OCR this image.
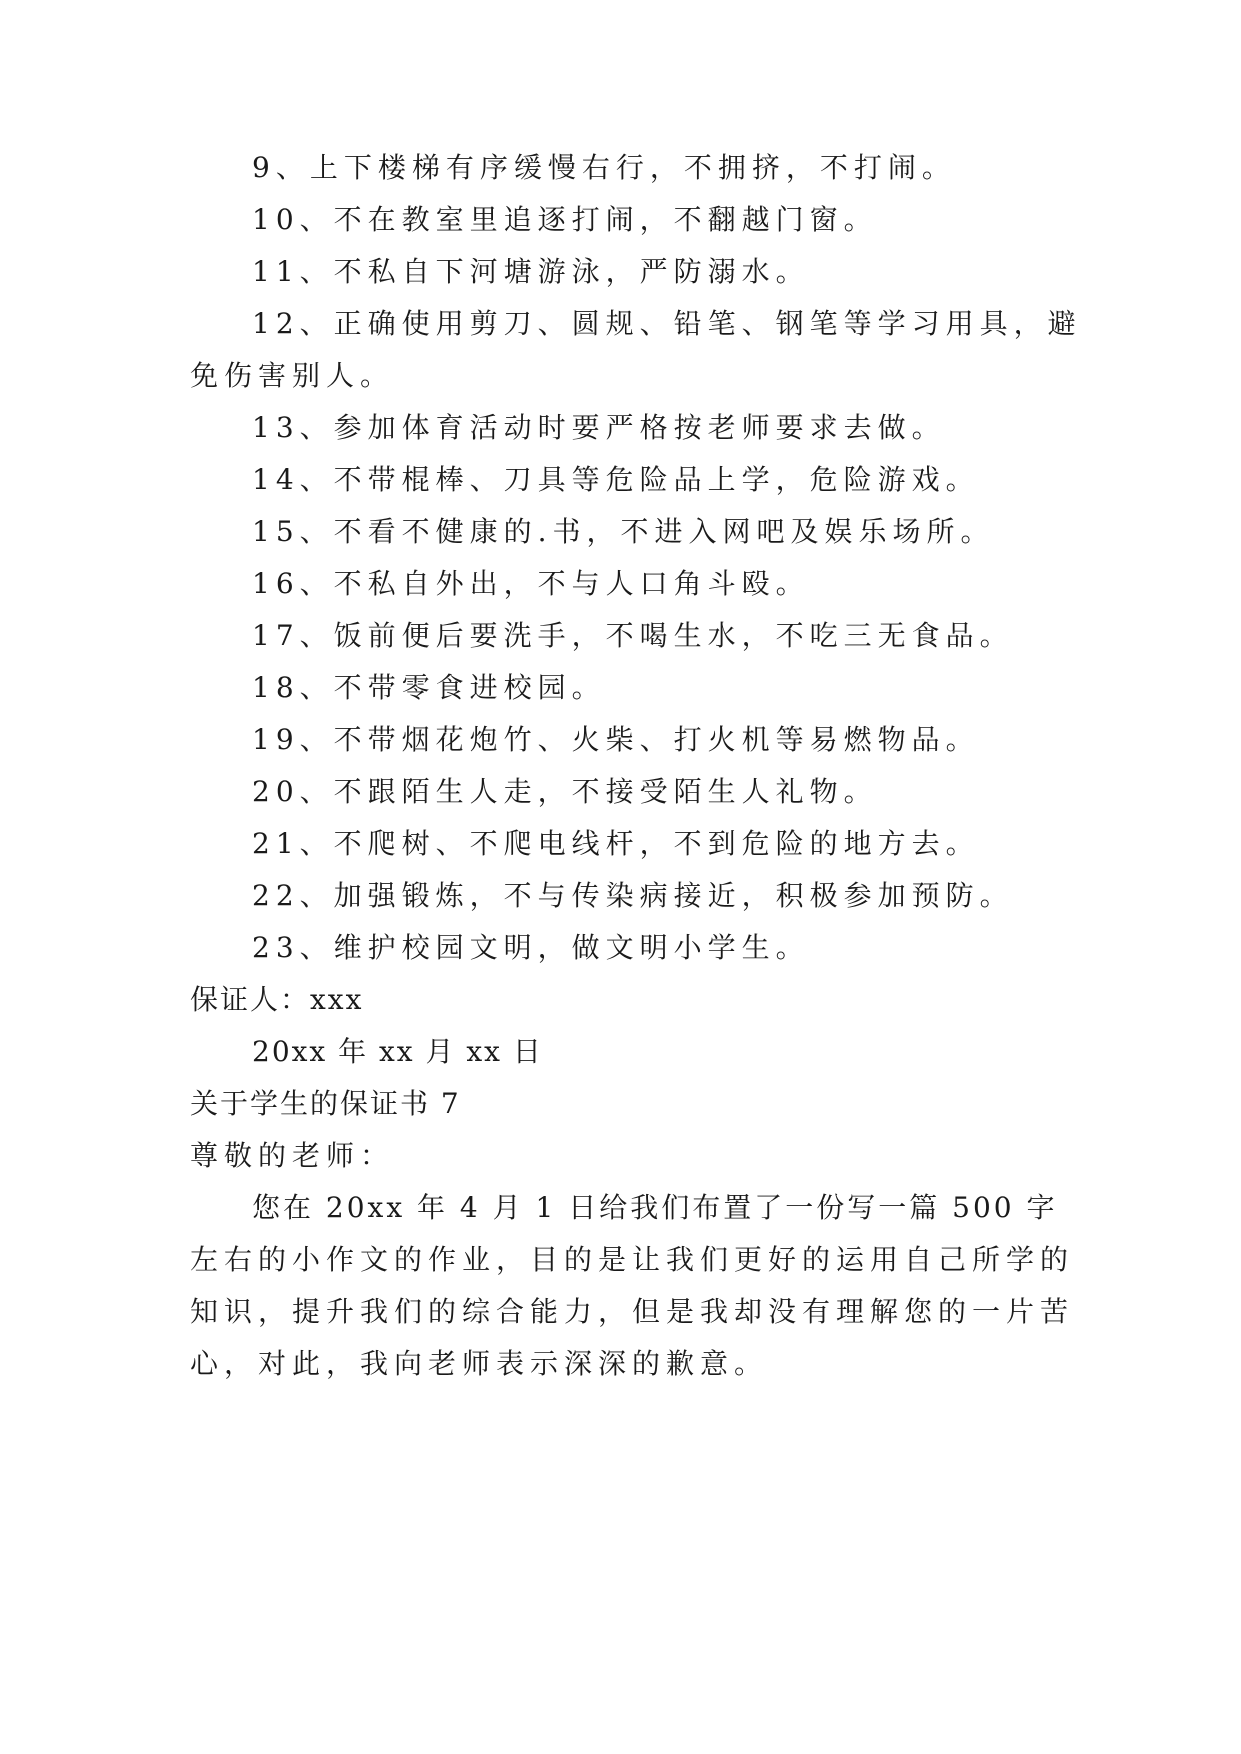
9、上下楼梯有序缓慢右行，不拥挤，不打闹。
10、不在教室里追逐打闹，不翻越门窗。
11、不私自下河塘游泳，严防溺水。
12、正确使用剪刀、圆规、铅笔、钢笔等学习用具，避
免伤害别人。
13、参加体育活动时要严格按老师要求去做。
14、不带棍棒、刀具等危险品上学，危险游戏。
15、不看不健康的.书，不进入网吧及娱乐场所。
16、不私自外出，不与人口角斗殴。
17、饭前便后要洗手，不喝生水，不吃三无食品。
18、不带零食进校园。
19、不带烟花炮竹、火柴、打火机等易燃物品。
20、不跟陌生人走，不接受陌生人礼物。
21、不爬树、不爬电线杆，不到危险的地方去。
22、加强锻炼，不与传染病接近，积极参加预防。
23、维护校园文明，做文明小学生。
保证人：xxx
20xx 年 xx 月 xx 日
关于学生的保证书 7
尊敬的老师：
您在 20xx 年 4 月 1 日给我们布置了一份写一篇 500 字
左右的小作文的作业，目的是让我们更好的运用自己所学的
知识，提升我们的综合能力，但是我却没有理解您的一片苦
心，对此，我向老师表示深深的歉意。
